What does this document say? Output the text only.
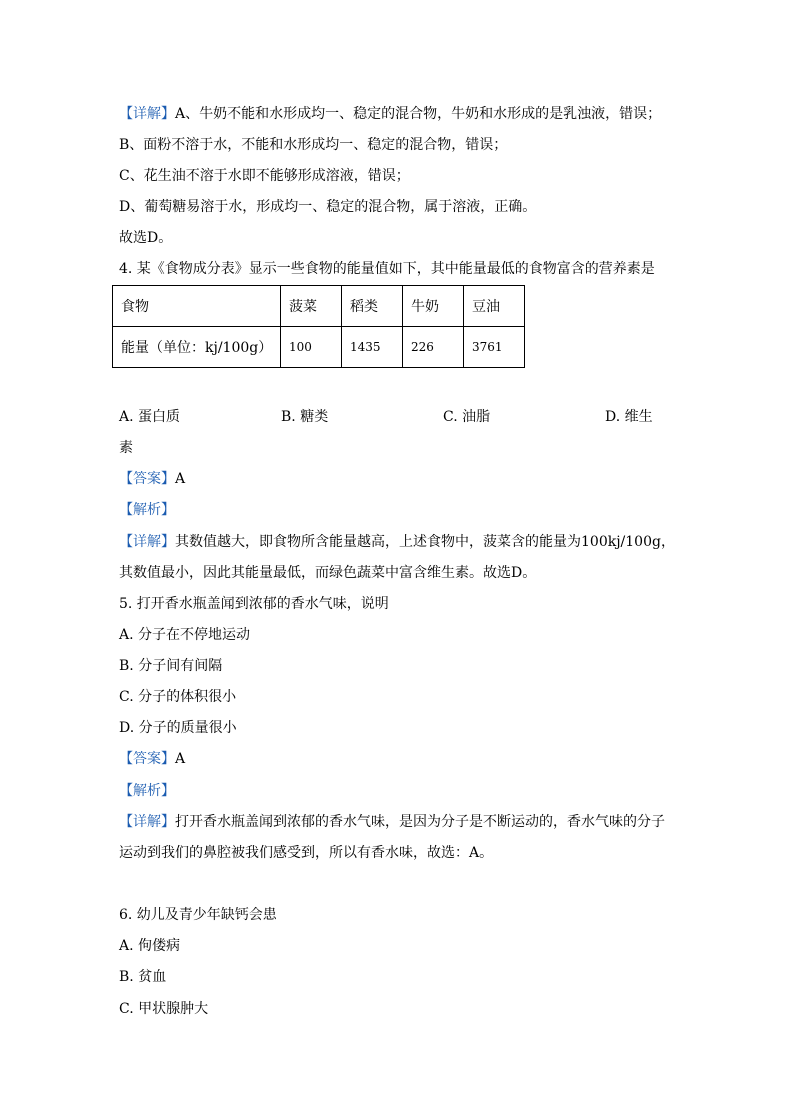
【详解】A、牛奶不能和水形成均一、稳定的混合物，牛奶和水形成的是乳浊液，错误；
B、面粉不溶于水，不能和水形成均一、稳定的混合物，错误；
C、花生油不溶于水即不能够形成溶液，错误；
D、葡萄糖易溶于水，形成均一、稳定的混合物，属于溶液，正确。
故选D。
4. 某《食物成分表》显示一些食物的能量值如下，其中能量最低的食物富含的营养素是
食物	菠菜	稻类	牛奶	豆油
能量（单位：kj/100g）	100	1435	226	3761
A. 蛋白质	B. 糖类	C. 油脂	D. 维生
素
【答案】A
【解析】
【详解】其数值越大，即食物所含能量越高，上述食物中，菠菜含的能量为100kj/100g，
其数值最小，因此其能量最低，而绿色蔬菜中富含维生素。故选D。
5. 打开香水瓶盖闻到浓郁的香水气味，说明
A. 分子在不停地运动
B. 分子间有间隔
C. 分子的体积很小
D. 分子的质量很小
【答案】A
【解析】
【详解】打开香水瓶盖闻到浓郁的香水气味，是因为分子是不断运动的，香水气味的分子
运动到我们的鼻腔被我们感受到，所以有香水味，故选：A。
6. 幼儿及青少年缺钙会患
A. 佝偻病
B. 贫血
C. 甲状腺肿大
